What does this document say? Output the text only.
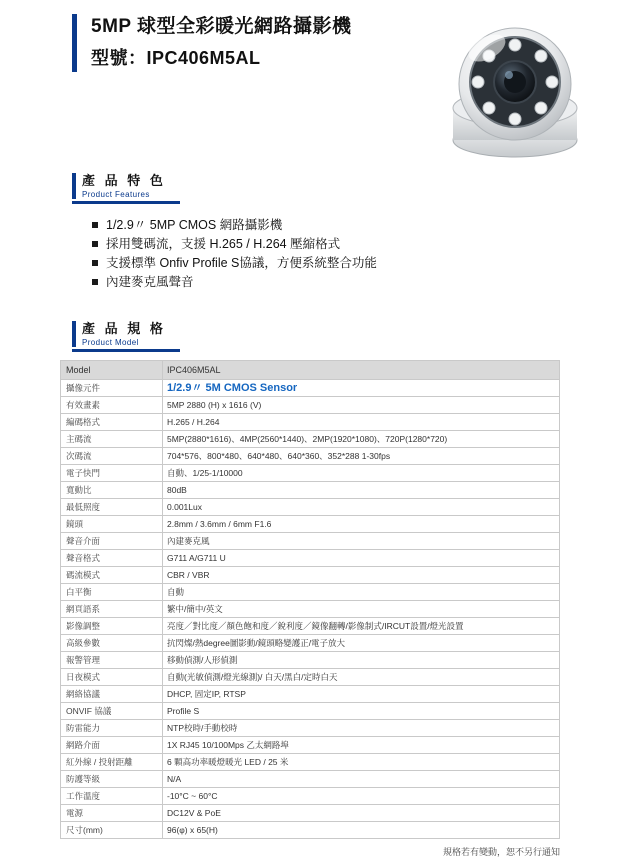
5MP 球型全彩暖光網路攝影機
型號：IPC406M5AL
產 品 特 色
Product Features
1/2.9〃 5MP CMOS 網路攝影機
採用雙碼流，支援 H.265 / H.264 壓縮格式
支援標準 Onfiv Profile S協議，方便系統整合功能
內建麥克風聲音
產 品 規 格
Product Model
Model	IPC406M5AL
攝像元件	1/2.9〃 5M CMOS Sensor
有效畫素	5MP 2880 (H) x 1616 (V)
編碼格式	H.265 / H.264
主碼流	5MP(2880*1616)、4MP(2560*1440)、2MP(1920*1080)、720P(1280*720)
次碼流	704*576、800*480、640*480、640*360、352*288 1-30fps
電子快門	自動、1/25-1/10000
寬動比	80dB
最低照度	0.001Lux
鏡頭	2.8mm / 3.6mm / 6mm F1.6
聲音介面	內建麥克風
聲音格式	G711 A/G711 U
碼流模式	CBR / VBR
白平衡	自動
網頁語系	繁中/簡中/英文
影像調整	亮度／對比度／顏色飽和度／銳利度／鏡像翻轉/影像制式/IRCUT設置/燈光設置
高級參數	抗閃燦/熱degree圖影動/鏡頭略變護正/電子放大
報警管理	移動偵測/人形偵測
日夜模式	自動(光敏偵測/燈光線測)/ 白天/黑白/定時白天
網絡協議	DHCP, 固定IP, RTSP
ONVIF 協議	Profile S
防雷能力	NTP校時/手動校時
網路介面	1X RJ45 10/100Mps 乙太網路埠
紅外線 / 投射距離	6 顆高功率暖燈暖光 LED / 25 米
防護等級	N/A
工作溫度	-10°C ~ 60°C
電源	DC12V & PoE
尺寸(mm)	96(φ) x 65(H)
規格若有變動，恕不另行通知
